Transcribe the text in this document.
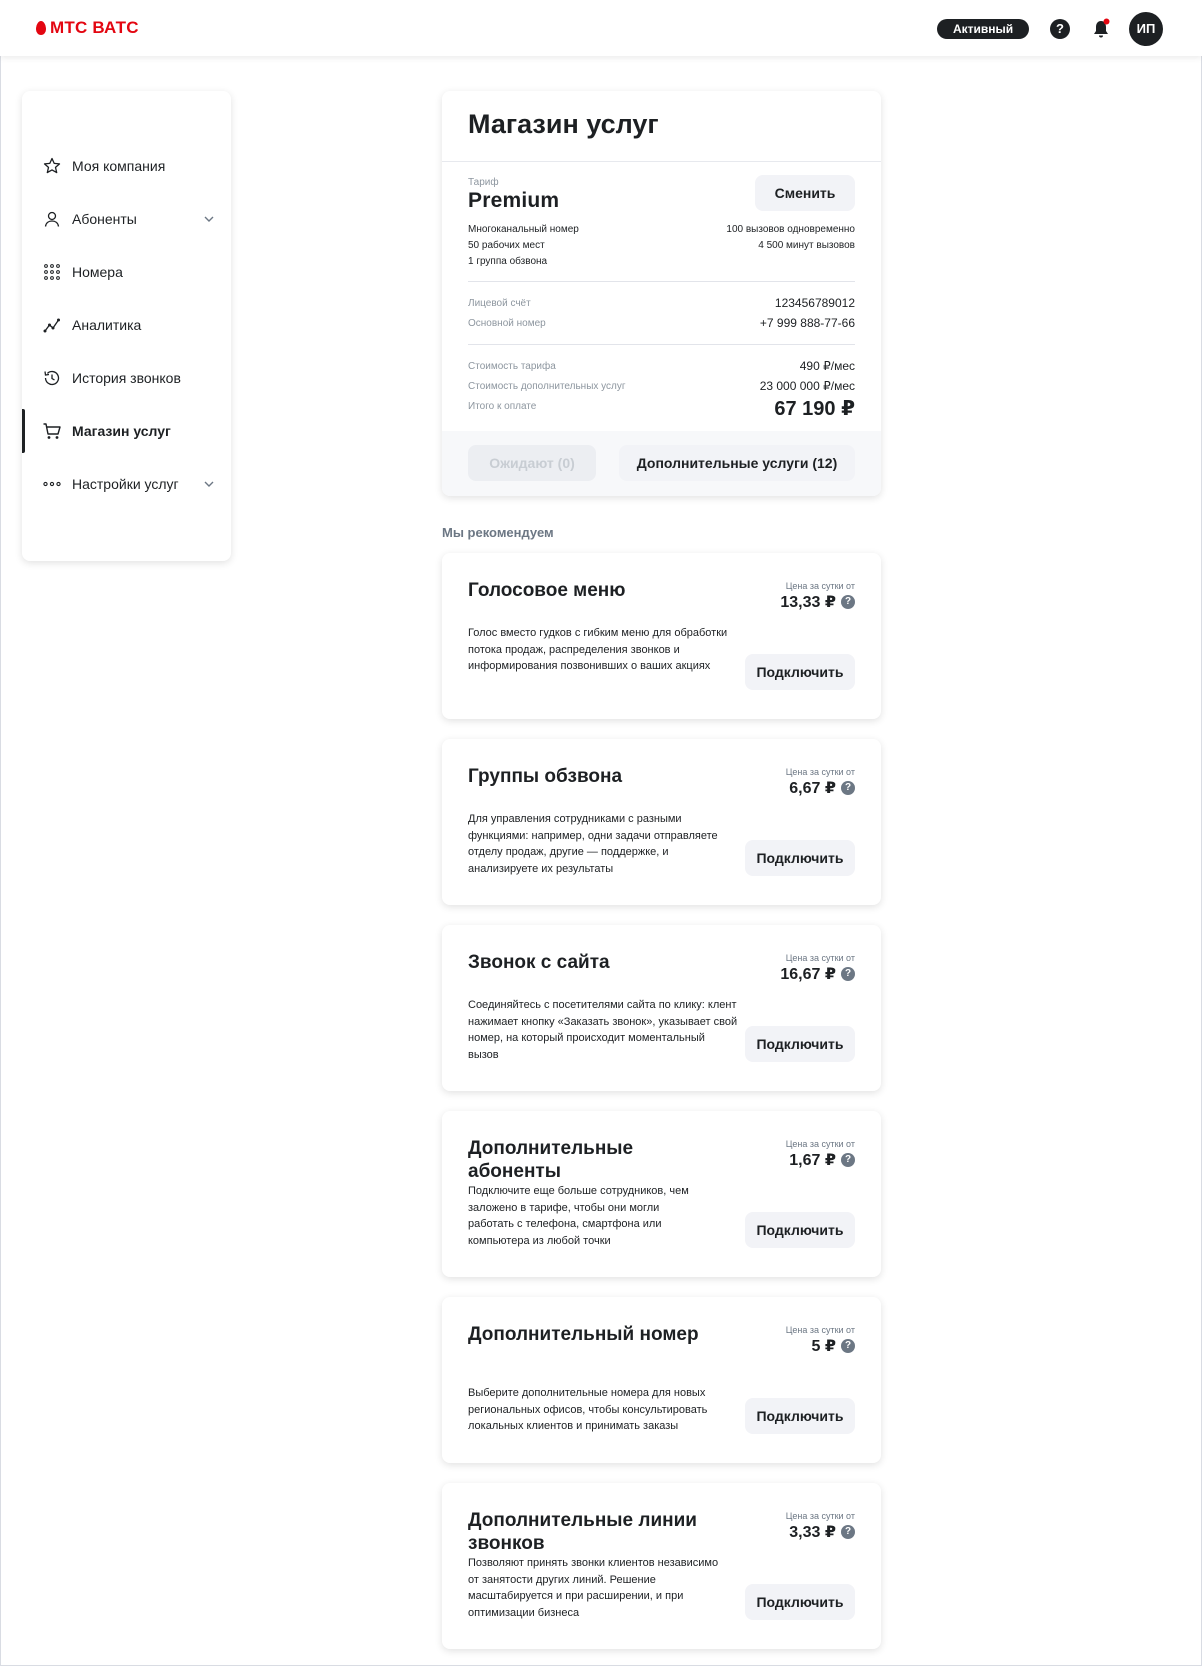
МТС ВАТС	Активный	?	ИП
Моя компания
Абоненты
Номера
Аналитика
История звонков
Магазин услуг
Настройки услуг
Магазин услуг
Тариф
Premium	Сменить
Многоканальный номер
50 рабочих мест
1 группа обзвона
100 вызовов одновременно
4 500 минут вызовов
Лицевой счёт	123456789012
Основной номер	+7 999 888-77-66
Стоимость тарифа	490 ₽/мес
Стоимость дополнительных услуг	23 000 000 ₽/мес
Итого к оплате	67 190 ₽
Ожидают (0)	Дополнительные услуги (12)
Мы рекомендуем
Голосовое меню	Цена за сутки от
13,33 ₽ ?
Голос вместо гудков с гибким меню для обработки потока продаж, распределения звонков и информирования позвонивших о ваших акциях	Подключить
Группы обзвона	Цена за сутки от
6,67 ₽ ?
Для управления сотрудниками с разными функциями: например, одни задачи отправляете отделу продаж, другие — поддержке, и анализируете их результаты
Подключить
Звонок с сайта	Цена за сутки от
16,67 ₽ ?
Соединяйтесь с посетителями сайта по клику: клент нажимает кнопку «Заказать звонок», указывает свой номер, на который происходит моментальный вызов
Подключить
Дополнительные абоненты
Цена за сутки от
1,67 ₽ ?
Подключите еще больше сотрудников, чем заложено в тарифе, чтобы они могли работать с телефона, смартфона или компьютера из любой точки
Подключить
Дополнительный номер	Цена за сутки от
5 ₽ ?
Выберите дополнительные номера для новых региональных офисов, чтобы консультировать локальных клиентов и принимать заказы
Подключить
Дополнительные линии звонков
Цена за сутки от
3,33 ₽ ?
Позволяют принять звонки клиентов независимо от занятости других линий. Решение масштабируется и при расширении, и при оптимизации бизнеса
Подключить
